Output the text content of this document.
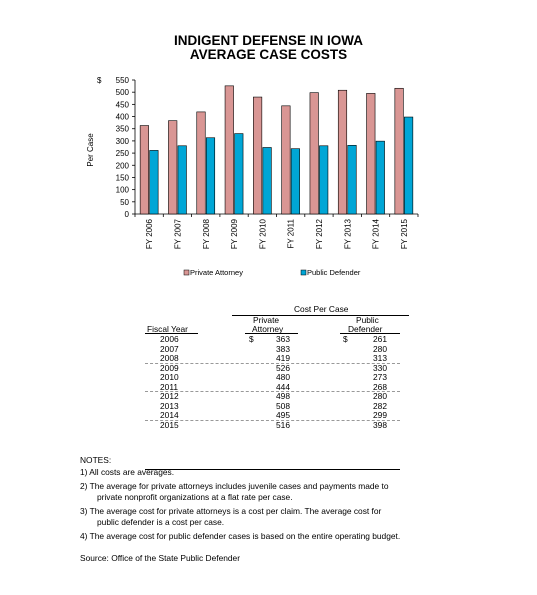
INDIGENT DEFENSE IN IOWA
AVERAGE CASE COSTS
0
50
100
150
200
250
300
350
400
450
500
550
$
Per Case
FY 2006 FY 2007 FY 2008 FY 2009 FY 2010 FY 2011 FY 2012 FY 2013 FY 2014 FY 2015
Private Attorney	Public Defender
Cost Per Case
Private
Attorney
Public
Defender
Fiscal Year
$	$
2006	363	261
2007	383	280
2008	419	313
2009	526	330
2010	480	273
2011	444	268
2012	498	280
2013	508	282
2014	495	299
2015	516	398
NOTES:
1) All costs are averages.
2) The average for private attorneys includes juvenile cases and payments made to
private nonprofit organizations at a flat rate per case.
3) The average cost for private attorneys is a cost per claim. The average cost for
public defender is a cost per case.
4) The average cost for public defender cases is based on the entire operating budget.
Source: Office of the State Public Defender
